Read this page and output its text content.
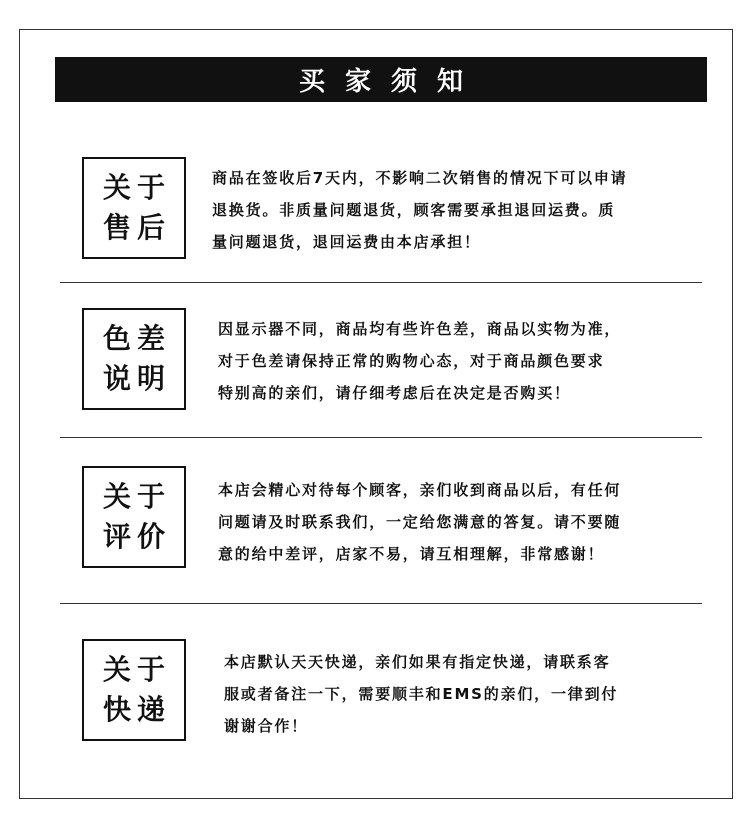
买家须知
关于
售后
商品在签收后7天内，不影响二次销售的情况下可以申请
退换货。非质量问题退货，顾客需要承担退回运费。质
量问题退货，退回运费由本店承担！
色差
说明
因显示器不同，商品均有些许色差，商品以实物为准，
对于色差请保持正常的购物心态，对于商品颜色要求
特别高的亲们，请仔细考虑后在决定是否购买！
关于
评价
本店会精心对待每个顾客，亲们收到商品以后，有任何
问题请及时联系我们，一定给您满意的答复。请不要随
意的给中差评，店家不易，请互相理解，非常感谢！
关于
快递
本店默认天天快递，亲们如果有指定快递，请联系客
服或者备注一下，需要顺丰和EMS的亲们，一律到付
谢谢合作！
